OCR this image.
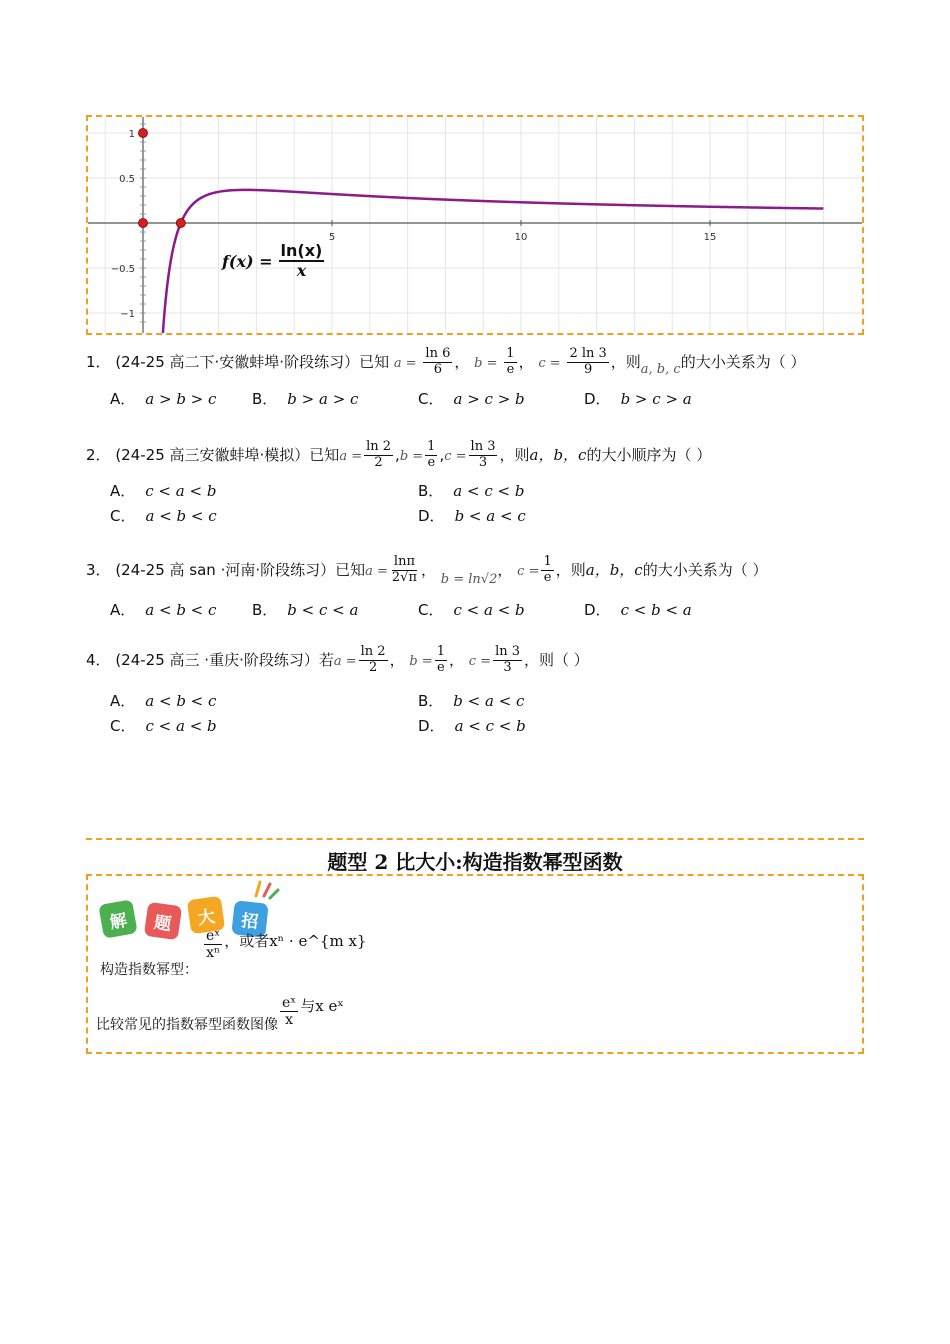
1
0.5
−0.5
−1
5	10	15
$f(x) = \frac{\ln(x)}{x}$
1． (24-25 高二下·安徽蚌埠·阶段练习）已知 $a = \frac{\ln 6}{6}$ ， $b = \frac{1}{e}$ ， $c = \frac{2 \ln 3}{9}$ ，则a, b, c的大小关系为（ ）
A． a > b > c B． b > a > c	C． a > c > b	D． b > c > a
2． (24-25 高三安徽蚌埠·模拟）已知$a = \frac{\ln 2}{2} ,b = \frac{1}{e} ,c = \frac{\ln 3}{3}$ ，则a，b，c的大小顺序为（ ）
A． c < a < b	B． a < c < b
C． a < b < c	D． b < a < c
3． (24-25 高 san ·河南·阶段练习）已知$a = \frac{\ln\pi}{2√\pi}$ ， b = ln√2， $c = \frac{1}{e}$ ，则a，b，c的大小关系为（ ）
A． a < b < c B． b < c < a	C． c < a < b	D． c < b < a
4． (24-25 高三 ·重庆·阶段练习）若$a = \frac{\ln 2}{2}$ ， $b = \frac{1}{e}$ ， $c = \frac{\ln 3}{3}$ ，则（ ）
A． a < b < c	B． b < a < c
C． c < a < b	D． a < c < b
题型 2 比大小:构造指数幂型函数
解	题	大	招
构造指数幂型：
$\frac{\text{eˣ}}{\text{xⁿ}}$ ，或者xⁿ · e^{m x}
比较常见的指数幂型函数图像 $\frac{\text{eˣ}}{x}$ 与x eˣ
